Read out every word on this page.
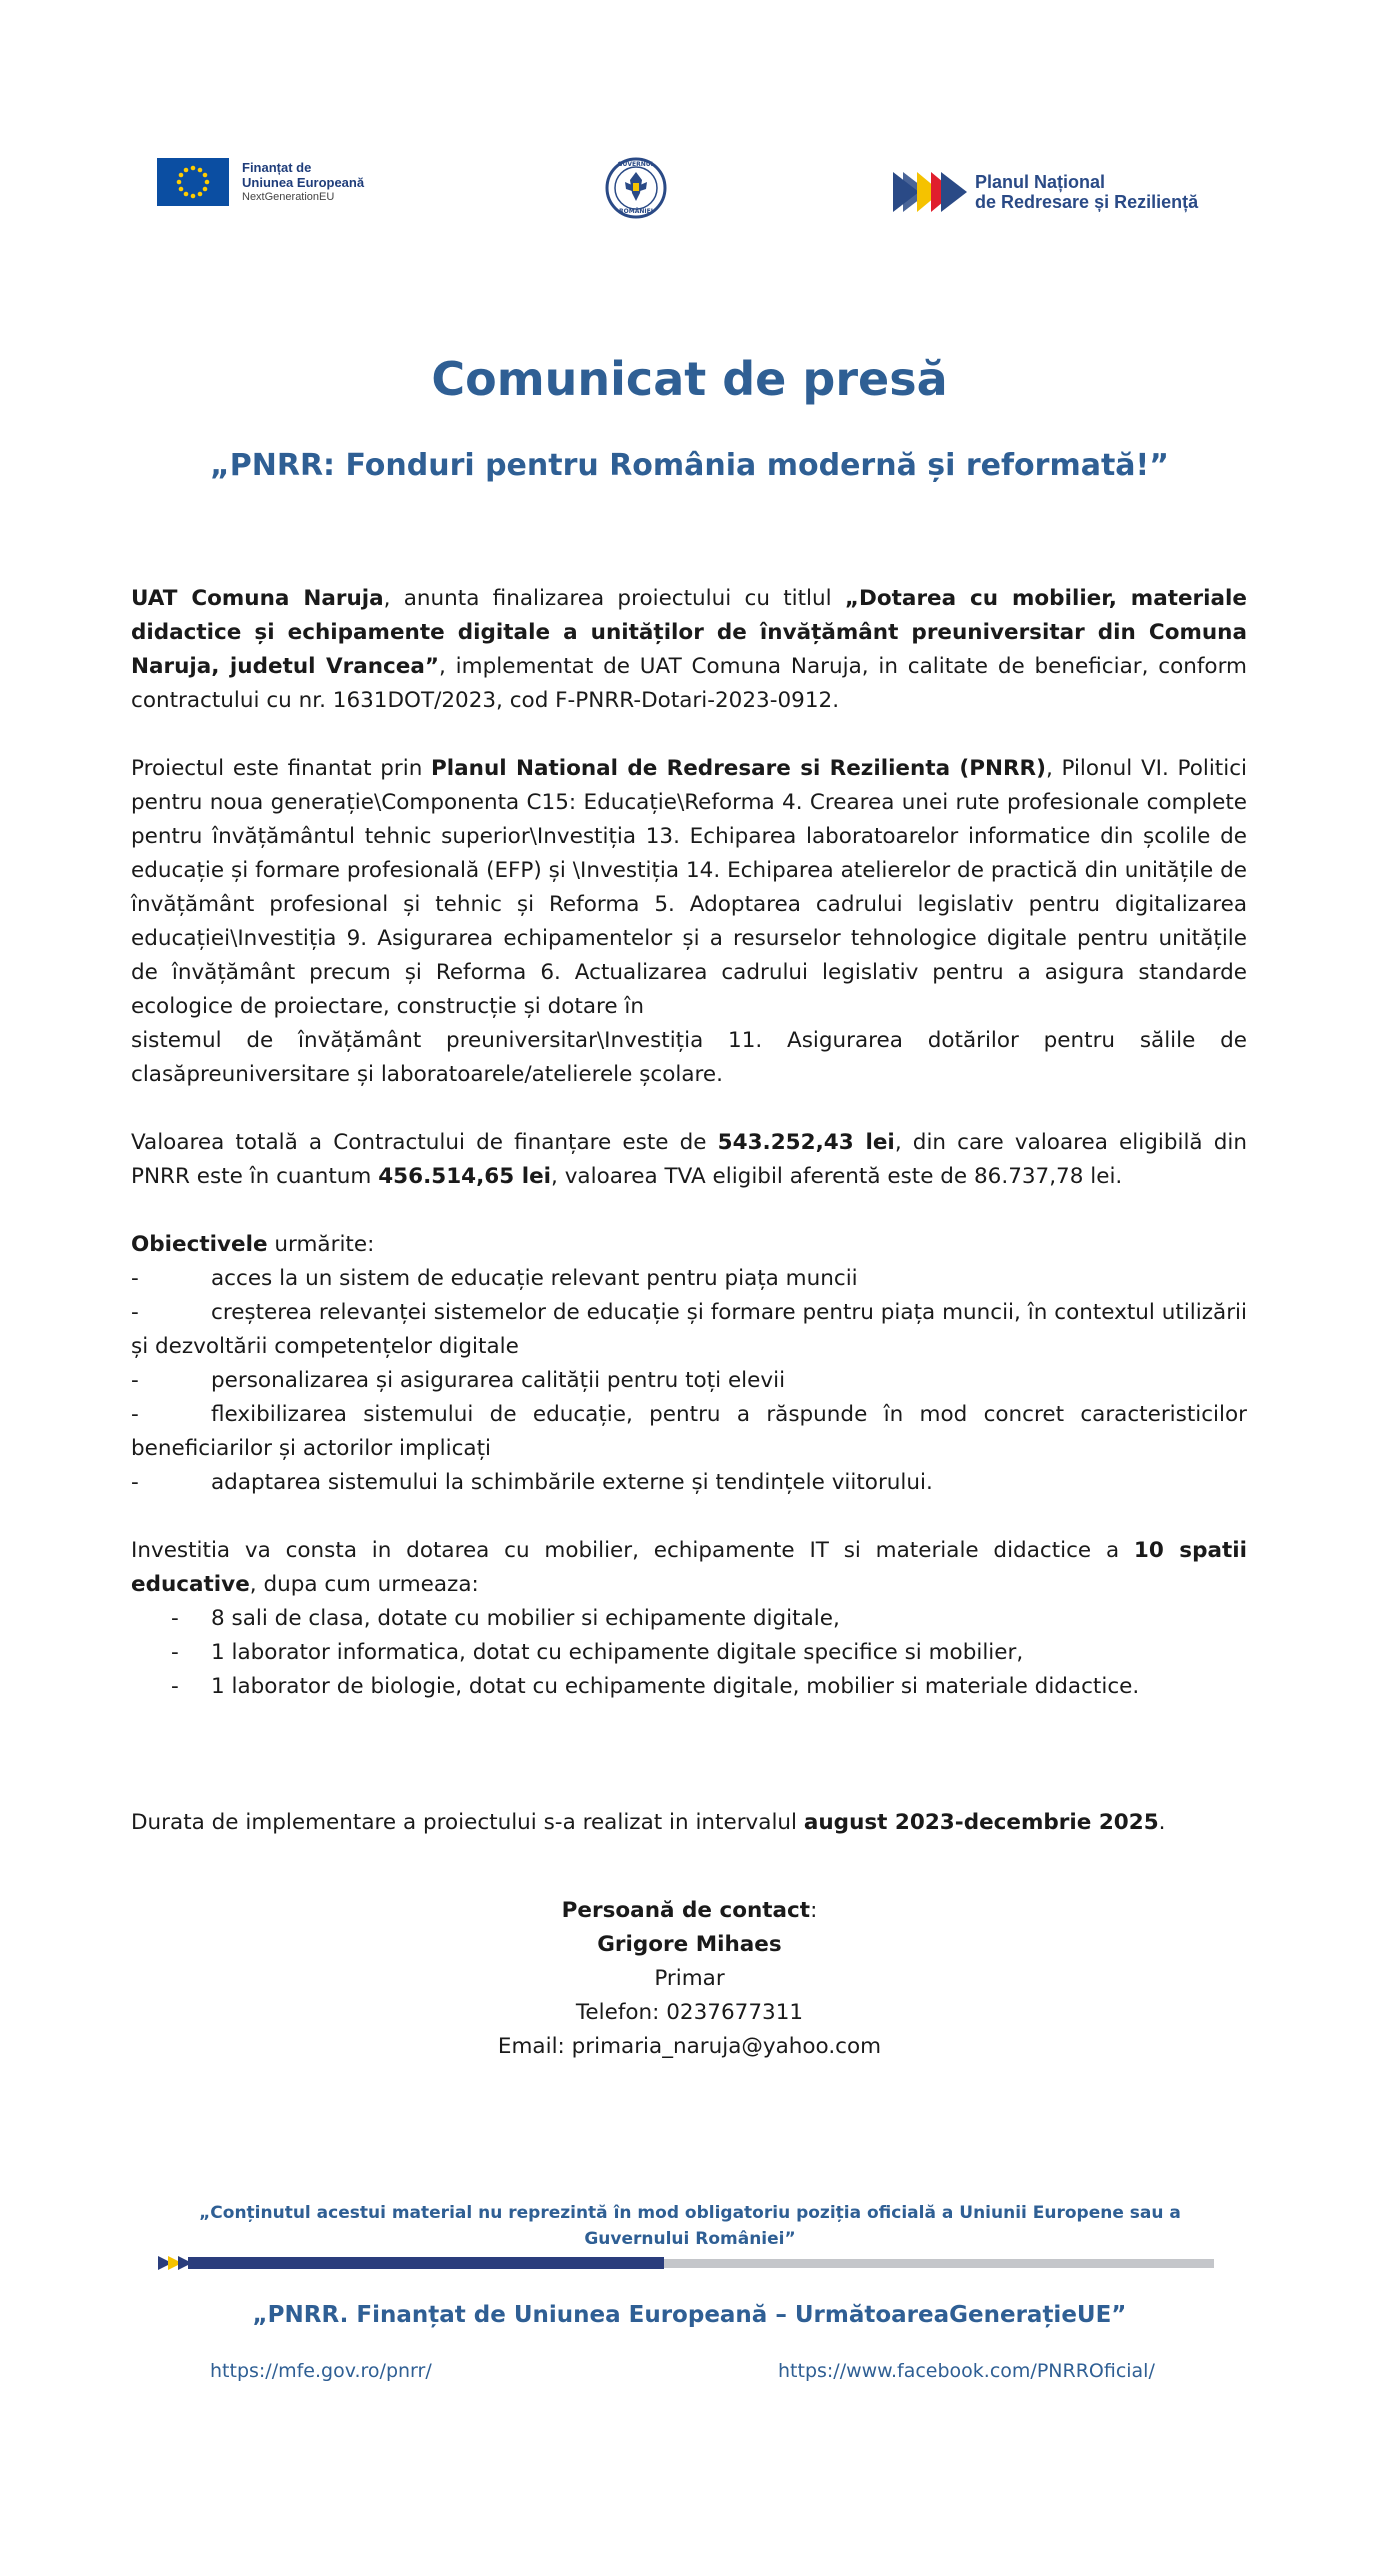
Finanțat de
Uniunea Europeană
NextGenerationEU
GUVERNUL
ROMÂNIEI
Planul Național
de Redresare și Reziliență
Comunicat de presă
„PNRR: Fonduri pentru România modernă și reformată!”

UAT Comuna Naruja, anunta finalizarea proiectului cu titlul „Dotarea cu mobilier, materiale didactice și echipamente digitale a unităților de învățământ preuniversitar din Comuna Naruja, judetul Vrancea”, implementat de UAT Comuna Naruja, in calitate de beneficiar, conform contractului cu nr. 1631DOT/2023, cod F-PNRR-Dotari-2023-0912.

Proiectul este finantat prin Planul National de Redresare si Rezilienta (PNRR), Pilonul VI. Politici pentru noua generație\Componenta C15: Educație\Reforma 4. Crearea unei rute profesionale complete pentru învățământul tehnic superior\Investiția 13. Echiparea laboratoarelor informatice din școlile de educație și formare profesională (EFP) și \Investiția 14. Echiparea atelierelor de practică din unitățile de învățământ profesional și tehnic și Reforma 5. Adoptarea cadrului legislativ pentru digitalizarea educației\Investiția 9. Asigurarea echipamentelor și a resurselor tehnologice digitale pentru unitățile de învățământ precum și Reforma 6. Actualizarea cadrului legislativ pentru a asigura standarde ecologice de proiectare, construcție și dotare în
sistemul de învățământ preuniversitar\Investiția 11. Asigurarea dotărilor pentru sălile de clasăpreuniversitare și laboratoarele/atelierele școlare.

Valoarea totală a Contractului de finanțare este de 543.252,43 lei, din care valoarea eligibilă din PNRR este în cuantum 456.514,65 lei, valoarea TVA eligibil aferentă este de 86.737,78 lei.

Obiectivele urmărite:

-	acces la un sistem de educație relevant pentru piața muncii

-	creșterea relevanței sistemelor de educație și formare pentru piața muncii, în contextul utilizării și dezvoltării competențelor digitale

-	personalizarea și asigurarea calității pentru toți elevii

-	flexibilizarea sistemului de educație, pentru a răspunde în mod concret caracteristicilor beneficiarilor și actorilor implicați

-	adaptarea sistemului la schimbările externe și tendințele viitorului.

Investitia va consta in dotarea cu mobilier, echipamente IT si materiale didactice a 10 spatii educative, dupa cum urmeaza:

-	8 sali de clasa, dotate cu mobilier si echipamente digitale,
-	1 laborator informatica, dotat cu echipamente digitale specifice si mobilier,
-	1 laborator de biologie, dotat cu echipamente digitale, mobilier si materiale didactice.

Durata de implementare a proiectului s-a realizat in intervalul august 2023-decembrie 2025.

Persoană de contact:
Grigore Mihaes
Primar
Telefon: 0237677311
Email: primaria_naruja@yahoo.com
„Conținutul acestui material nu reprezintă în mod obligatoriu poziția oficială a Uniunii Europene sau a Guvernului României”
„PNRR. Finanțat de Uniunea Europeană – UrmătoareaGenerațieUE”
https://mfe.gov.ro/pnrr/	https://www.facebook.com/PNRROficial/
